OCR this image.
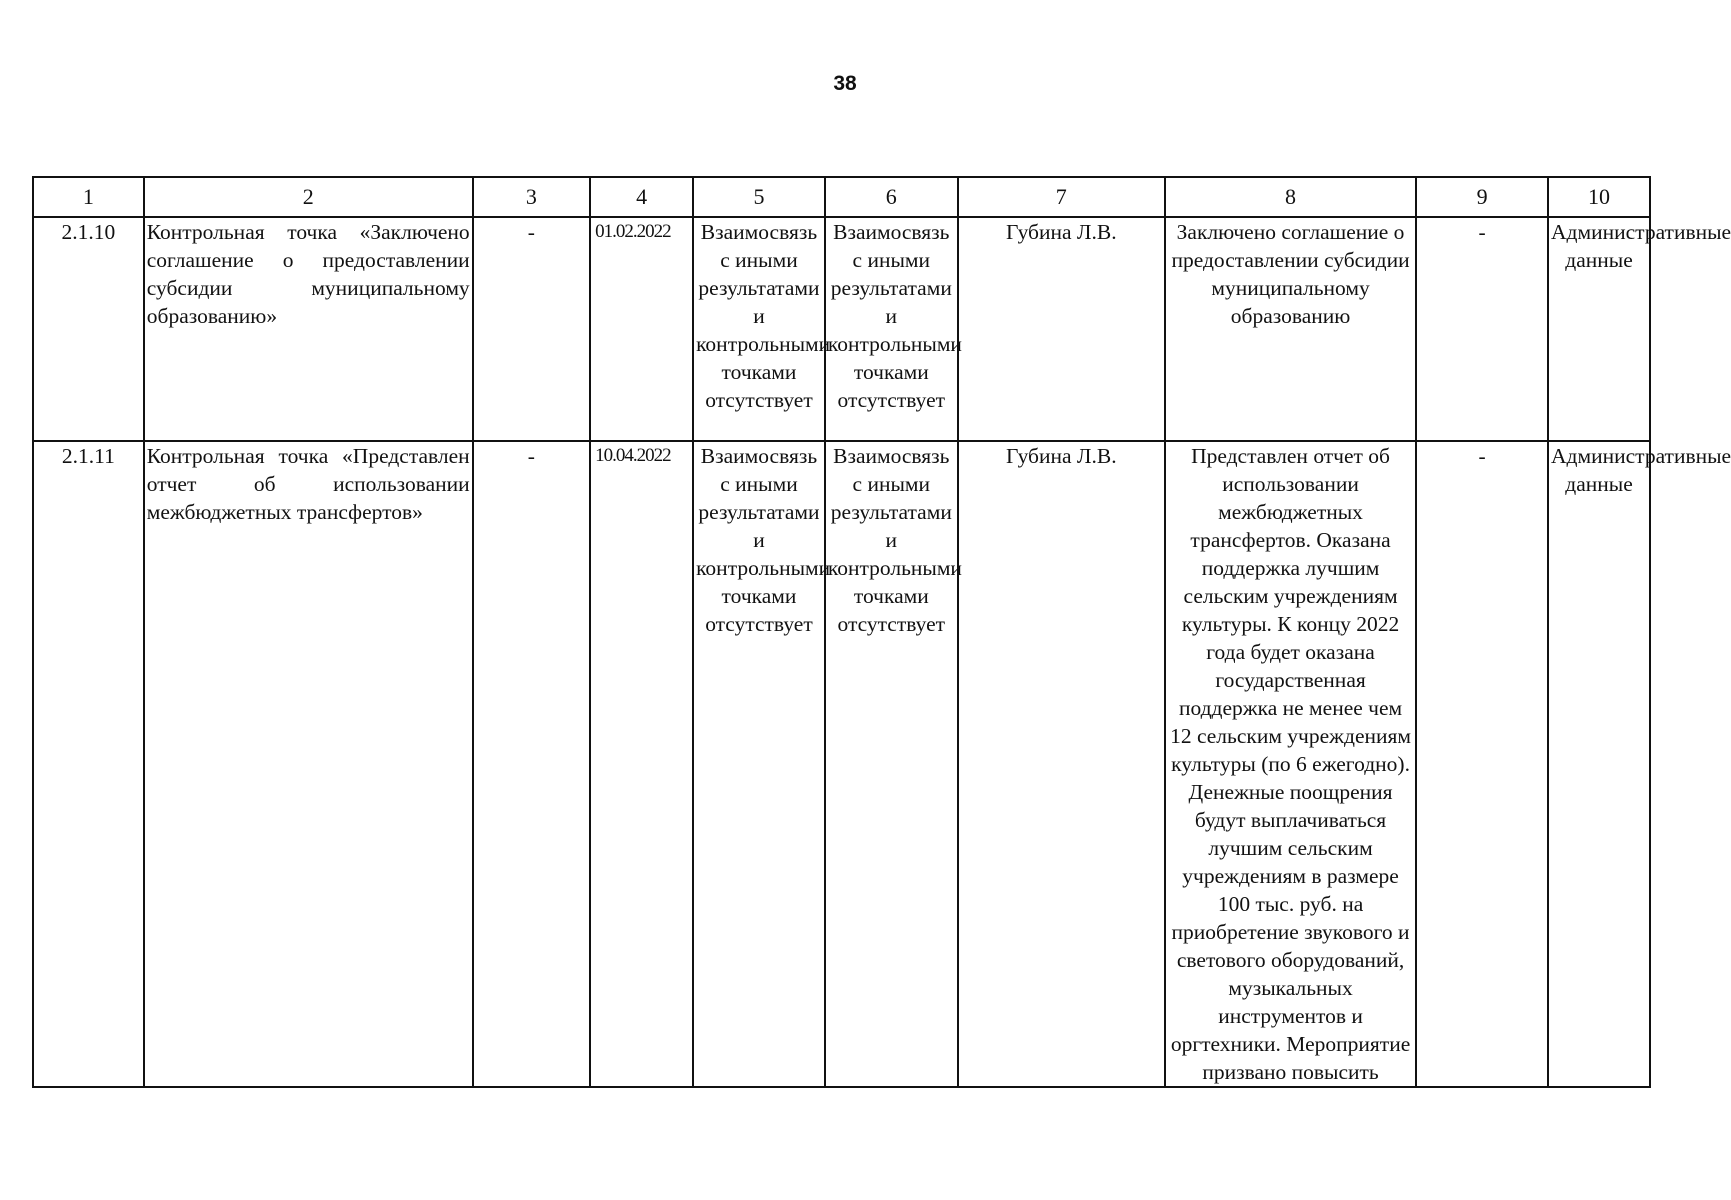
38
1	2	3	4	5	6	7	8	9	10
2.1.10	Контрольная точка «Заключено соглашение о предоставлении субсидии муниципальному образованию»	-	01.02.2022	Взаимосвязь с иными результатами и контрольными точками отсутствует	Взаимосвязь с иными результатами и контрольными точками отсутствует	Губина Л.В.	Заключено соглашение о предоставлении субсидии муниципальному образованию	-	Административные данные
2.1.11	Контрольная точка «Представлен отчет об использовании межбюджетных трансфертов»	-	10.04.2022	Взаимосвязь с иными результатами и контрольными точками отсутствует	Взаимосвязь с иными результатами и контрольными точками отсутствует	Губина Л.В.	Представлен отчет об использовании межбюджетных трансфертов. Оказана поддержка лучшим сельским учреждениям культуры. К концу 2022 года будет оказана государственная поддержка не менее чем 12 сельским учреждениям культуры (по 6 ежегодно). Денежные поощрения будут выплачиваться лучшим сельским учреждениям в размере 100 тыс. руб. на приобретение звукового и светового оборудований, музыкальных инструментов и оргтехники. Мероприятие призвано повысить	-	Административные данные
